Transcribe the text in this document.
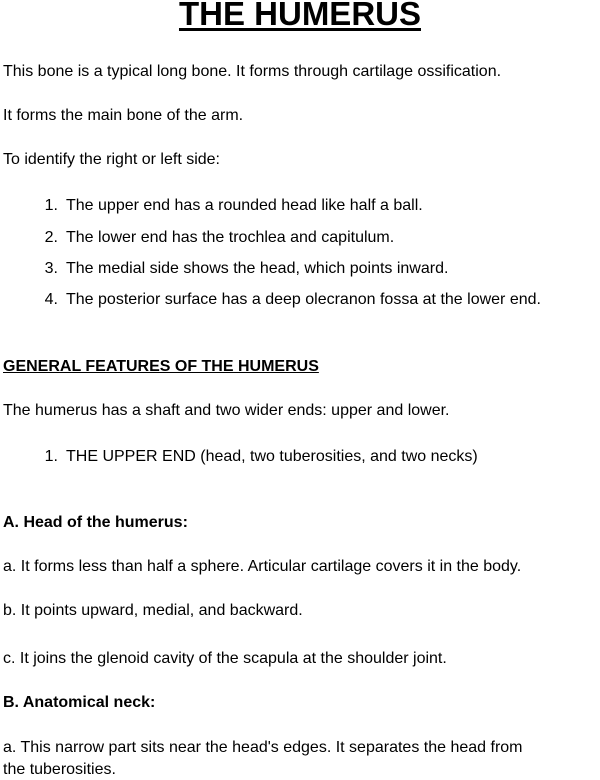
THE HUMERUS
This bone is a typical long bone. It forms through cartilage ossification.
It forms the main bone of the arm.
To identify the right or left side:
1. The upper end has a rounded head like half a ball.
2. The lower end has the trochlea and capitulum.
3. The medial side shows the head, which points inward.
4. The posterior surface has a deep olecranon fossa at the lower end.
GENERAL FEATURES OF THE HUMERUS
The humerus has a shaft and two wider ends: upper and lower.
1. THE UPPER END (head, two tuberosities, and two necks)
A. Head of the humerus:
a. It forms less than half a sphere. Articular cartilage covers it in the body.
b. It points upward, medial, and backward.
c. It joins the glenoid cavity of the scapula at the shoulder joint.
B. Anatomical neck:
a. This narrow part sits near the head's edges. It separates the head from
the tuberosities.
